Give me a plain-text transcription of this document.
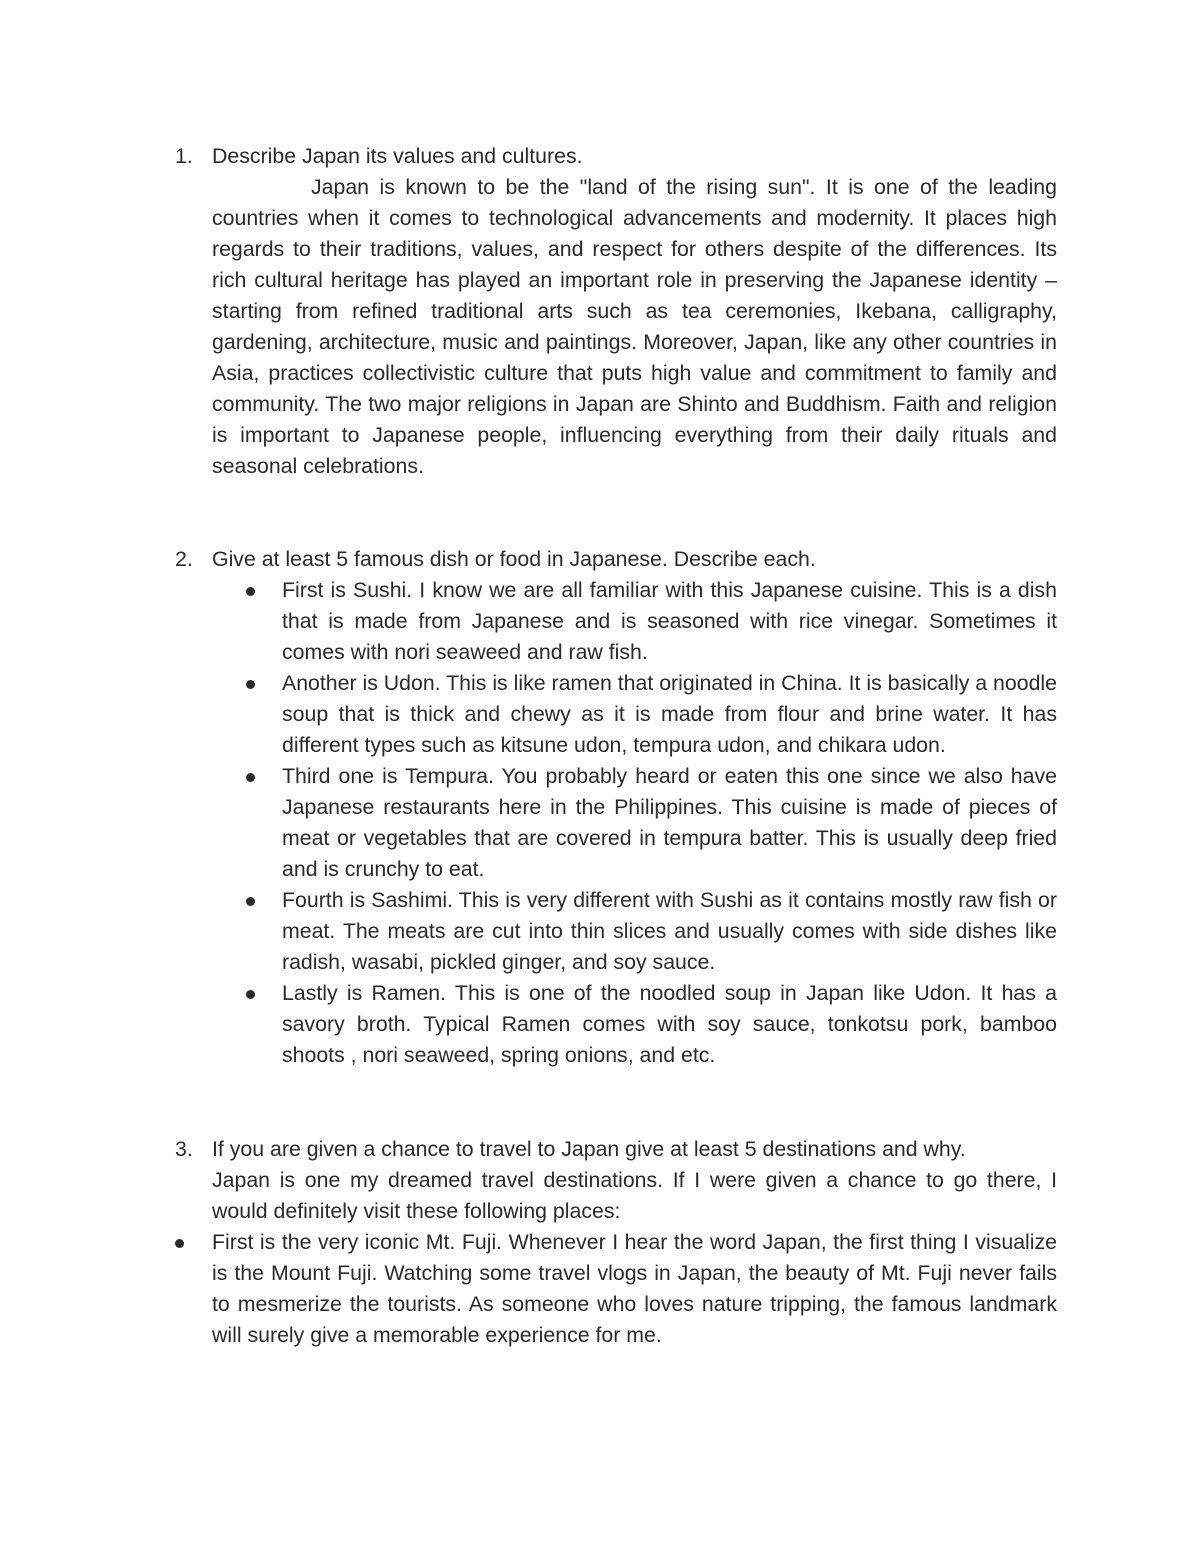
1. Describe Japan its values and cultures.

Japan is known to be the "land of the rising sun". It is one of the leading countries when it comes to technological advancements and modernity. It places high regards to their traditions, values, and respect for others despite of the differences. Its rich cultural heritage has played an important role in preserving the Japanese identity – starting from refined traditional arts such as tea ceremonies, Ikebana, calligraphy, gardening, architecture, music and paintings. Moreover, Japan, like any other countries in Asia, practices collectivistic culture that puts high value and commitment to family and community. The two major religions in Japan are Shinto and Buddhism. Faith and religion is important to Japanese people, influencing everything from their daily rituals and seasonal celebrations.

2. Give at least 5 famous dish or food in Japanese. Describe each.
First is Sushi. I know we are all familiar with this Japanese cuisine. This is a dish that is made from Japanese and is seasoned with rice vinegar. Sometimes it comes with nori seaweed and raw fish.
Another is Udon. This is like ramen that originated in China. It is basically a noodle soup that is thick and chewy as it is made from flour and brine water. It has different types such as kitsune udon, tempura udon, and chikara udon.
Third one is Tempura. You probably heard or eaten this one since we also have Japanese restaurants here in the Philippines. This cuisine is made of pieces of meat or vegetables that are covered in tempura batter. This is usually deep fried and is crunchy to eat.
Fourth is Sashimi. This is very different with Sushi as it contains mostly raw fish or meat. The meats are cut into thin slices and usually comes with side dishes like radish, wasabi, pickled ginger, and soy sauce.
Lastly is Ramen. This is one of the noodled soup in Japan like Udon. It has a savory broth. Typical Ramen comes with soy sauce, tonkotsu pork, bamboo shoots , nori seaweed, spring onions, and etc.
3. If you are given a chance to travel to Japan give at least 5 destinations and why.

Japan is one my dreamed travel destinations. If I were given a chance to go there, I would definitely visit these following places:

First is the very iconic Mt. Fuji. Whenever I hear the word Japan, the first thing I visualize is the Mount Fuji. Watching some travel vlogs in Japan, the beauty of Mt. Fuji never fails to mesmerize the tourists. As someone who loves nature tripping, the famous landmark will surely give a memorable experience for me.
